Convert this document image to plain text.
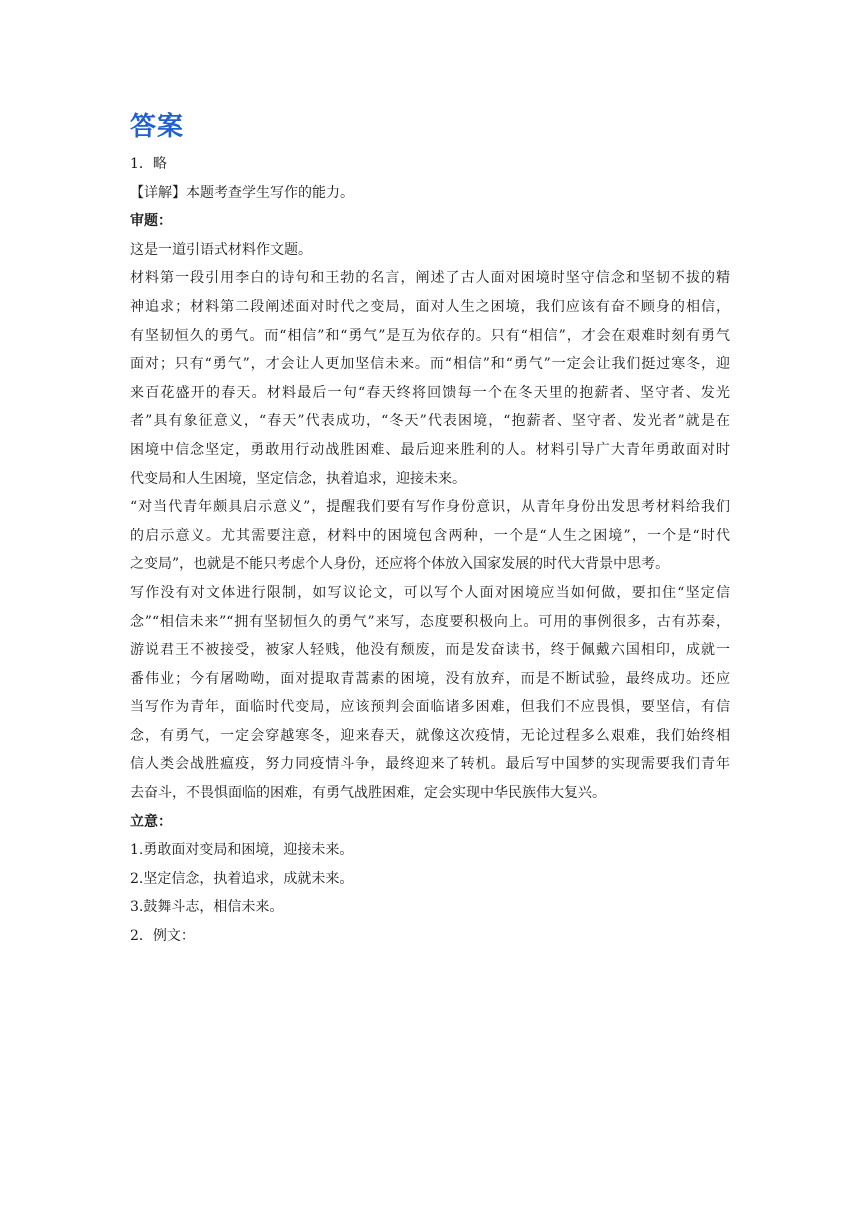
答案

1．略

【详解】本题考查学生写作的能力。

审题：

这是一道引语式材料作文题。

材料第一段引用李白的诗句和王勃的名言，阐述了古人面对困境时坚守信念和坚韧不拔的精
神追求；材料第二段阐述面对时代之变局，面对人生之困境，我们应该有奋不顾身的相信，
有坚韧恒久的勇气。而“相信”和“勇气”是互为依存的。只有“相信”，才会在艰难时刻有勇气
面对；只有“勇气”，才会让人更加坚信未来。而“相信”和“勇气”一定会让我们挺过寒冬，迎
来百花盛开的春天。材料最后一句“春天终将回馈每一个在冬天里的抱薪者、坚守者、发光
者”具有象征意义，“春天”代表成功，“冬天”代表困境，“抱薪者、坚守者、发光者”就是在
困境中信念坚定，勇敢用行动战胜困难、最后迎来胜利的人。材料引导广大青年勇敢面对时
代变局和人生困境，坚定信念，执着追求，迎接未来。

“对当代青年颇具启示意义”，提醒我们要有写作身份意识，从青年身份出发思考材料给我们
的启示意义。尤其需要注意，材料中的困境包含两种，一个是“人生之困境”，一个是“时代
之变局”，也就是不能只考虑个人身份，还应将个体放入国家发展的时代大背景中思考。

写作没有对文体进行限制，如写议论文，可以写个人面对困境应当如何做，要扣住“坚定信
念”“相信未来”“拥有坚韧恒久的勇气”来写，态度要积极向上。可用的事例很多，古有苏秦，
游说君王不被接受，被家人轻贱，他没有颓废，而是发奋读书，终于佩戴六国相印，成就一
番伟业；今有屠呦呦，面对提取青蒿素的困境，没有放弃，而是不断试验，最终成功。还应
当写作为青年，面临时代变局，应该预判会面临诸多困难，但我们不应畏惧，要坚信，有信
念，有勇气，一定会穿越寒冬，迎来春天，就像这次疫情，无论过程多么艰难，我们始终相
信人类会战胜瘟疫，努力同疫情斗争，最终迎来了转机。最后写中国梦的实现需要我们青年
去奋斗，不畏惧面临的困难，有勇气战胜困难，定会实现中华民族伟大复兴。

立意：

1.勇敢面对变局和困境，迎接未来。

2.坚定信念，执着追求，成就未来。

3.鼓舞斗志，相信未来。

2．例文：
